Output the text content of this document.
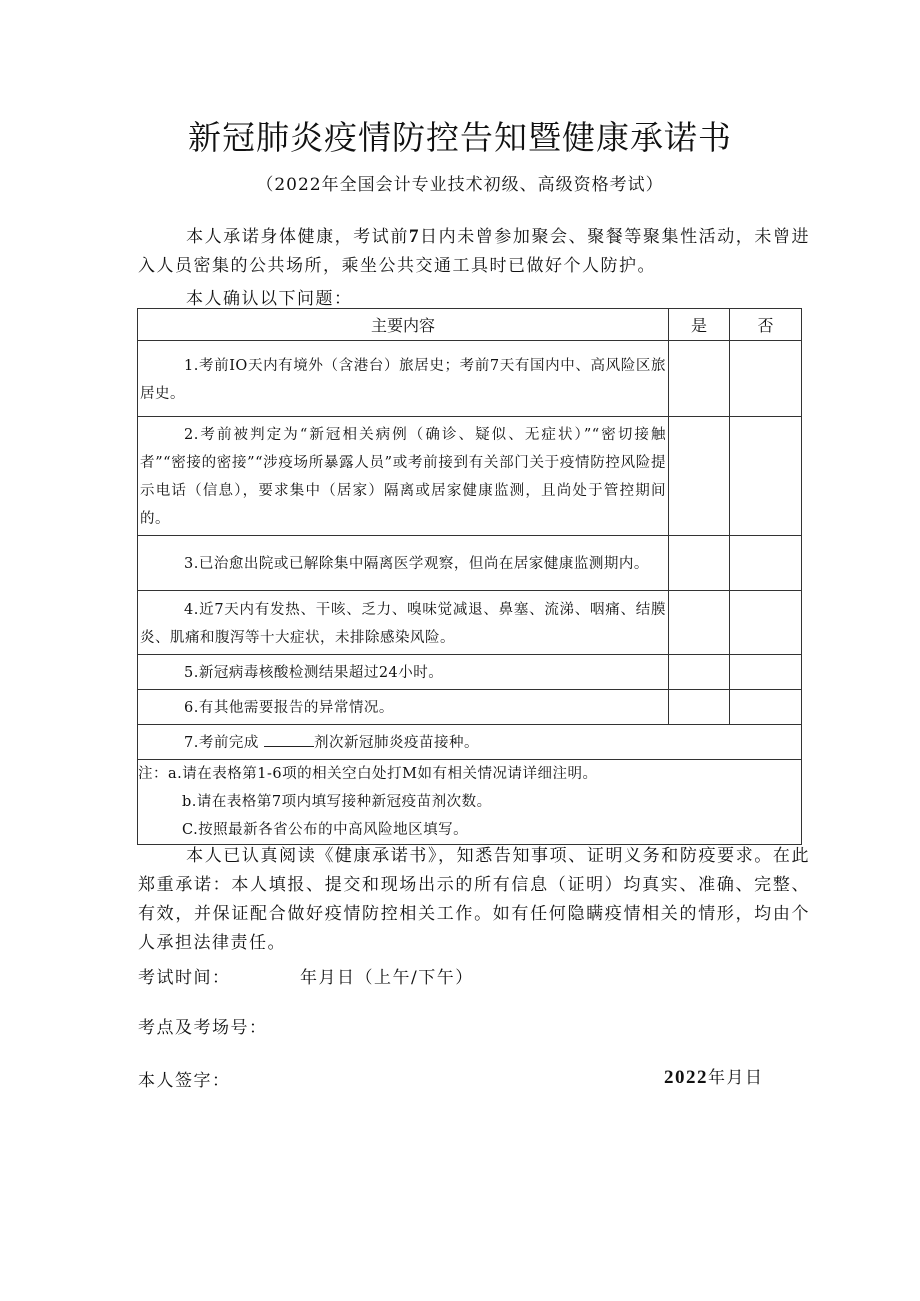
新冠肺炎疫情防控告知暨健康承诺书
（2022年全国会计专业技术初级、高级资格考试）
本人承诺身体健康，考试前7日内未曾参加聚会、聚餐等聚集性活动，未曾进入人员密集的公共场所，乘坐公共交通工具时已做好个人防护。
本人确认以下问题：
主要内容	是	否
1.考前IO天内有境外（含港台）旅居史；考前7天有国内中、高风险区旅居史。		
2.考前被判定为“新冠相关病例（确诊、疑似、无症状）”“密切接触者”“密接的密接”“涉疫场所暴露人员”或考前接到有关部门关于疫情防控风险提示电话（信息），要求集中（居家）隔离或居家健康监测，且尚处于管控期间的。		
3.已治愈出院或已解除集中隔离医学观察，但尚在居家健康监测期内。		
4.近7天内有发热、干咳、乏力、嗅味觉减退、鼻塞、流涕、咽痛、结膜炎、肌痛和腹泻等十大症状，未排除感染风险。		
5.新冠病毒核酸检测结果超过24小时。		
6.有其他需要报告的异常情况。		
7.考前完成 剂次新冠肺炎疫苗接种。		

注：a.请在表格第1-6项的相关空白处打M如有相关情况请详细注明。
b.请在表格第7项内填写接种新冠疫苗剂次数。
C.按照最新各省公布的中高风险地区填写。		
本人已认真阅读《健康承诺书》，知悉告知事项、证明义务和防疫要求。在此郑重承诺：本人填报、提交和现场出示的所有信息（证明）均真实、准确、完整、有效，并保证配合做好疫情防控相关工作。如有任何隐瞒疫情相关的情形，均由个人承担法律责任。
考试时间：	年月日（上午/下午）
考点及考场号：
本人签字：	2022年月日
